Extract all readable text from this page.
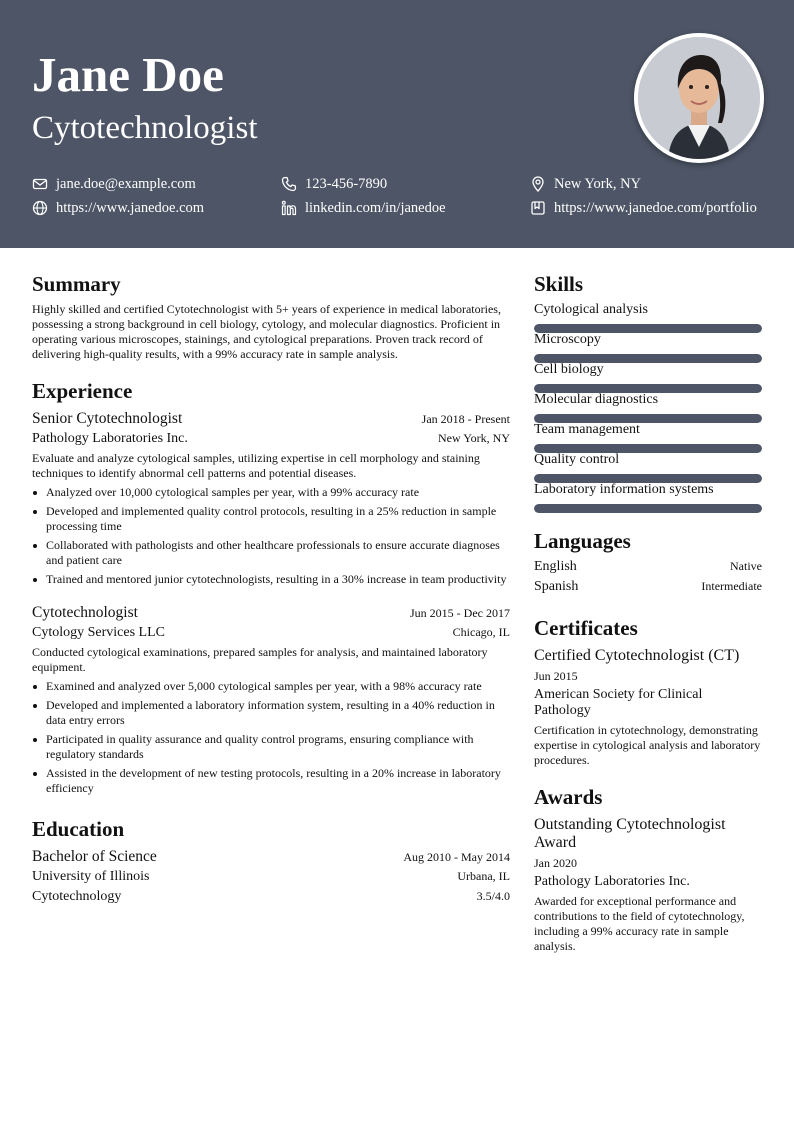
Jane Doe
Cytotechnologist
jane.doe@example.com	123-456-7890	New York, NY
https://www.janedoe.com	linkedin.com/in/janedoe	https://www.janedoe.com/portfolio
Summary
Highly skilled and certified Cytotechnologist with 5+ years of experience in medical laboratories, possessing a strong background in cell biology, cytology, and molecular diagnostics. Proficient in operating various microscopes, stainings, and cytological preparations. Proven track record of delivering high-quality results, with a 99% accuracy rate in sample analysis.
Experience
Senior Cytotechnologist	Jan 2018 - Present
Pathology Laboratories Inc.	New York, NY
Evaluate and analyze cytological samples, utilizing expertise in cell morphology and staining techniques to identify abnormal cell patterns and potential diseases.
Analyzed over 10,000 cytological samples per year, with a 99% accuracy rate
Developed and implemented quality control protocols, resulting in a 25% reduction in sample processing time
Collaborated with pathologists and other healthcare professionals to ensure accurate diagnoses and patient care
Trained and mentored junior cytotechnologists, resulting in a 30% increase in team productivity
Cytotechnologist	Jun 2015 - Dec 2017
Cytology Services LLC	Chicago, IL
Conducted cytological examinations, prepared samples for analysis, and maintained laboratory equipment.
Examined and analyzed over 5,000 cytological samples per year, with a 98% accuracy rate
Developed and implemented a laboratory information system, resulting in a 40% reduction in data entry errors
Participated in quality assurance and quality control programs, ensuring compliance with regulatory standards
Assisted in the development of new testing protocols, resulting in a 20% increase in laboratory efficiency
Education
Bachelor of Science	Aug 2010 - May 2014
University of Illinois	Urbana, IL
Cytotechnology	3.5/4.0
Skills
Cytological analysis
Microscopy
Cell biology
Molecular diagnostics
Team management
Quality control
Laboratory information systems
Languages
English	Native
Spanish	Intermediate
Certificates
Certified Cytotechnologist (CT)
Jun 2015
American Society for Clinical Pathology
Certification in cytotechnology, demonstrating expertise in cytological analysis and laboratory procedures.
Awards
Outstanding Cytotechnologist Award
Jan 2020
Pathology Laboratories Inc.
Awarded for exceptional performance and contributions to the field of cytotechnology, including a 99% accuracy rate in sample analysis.
